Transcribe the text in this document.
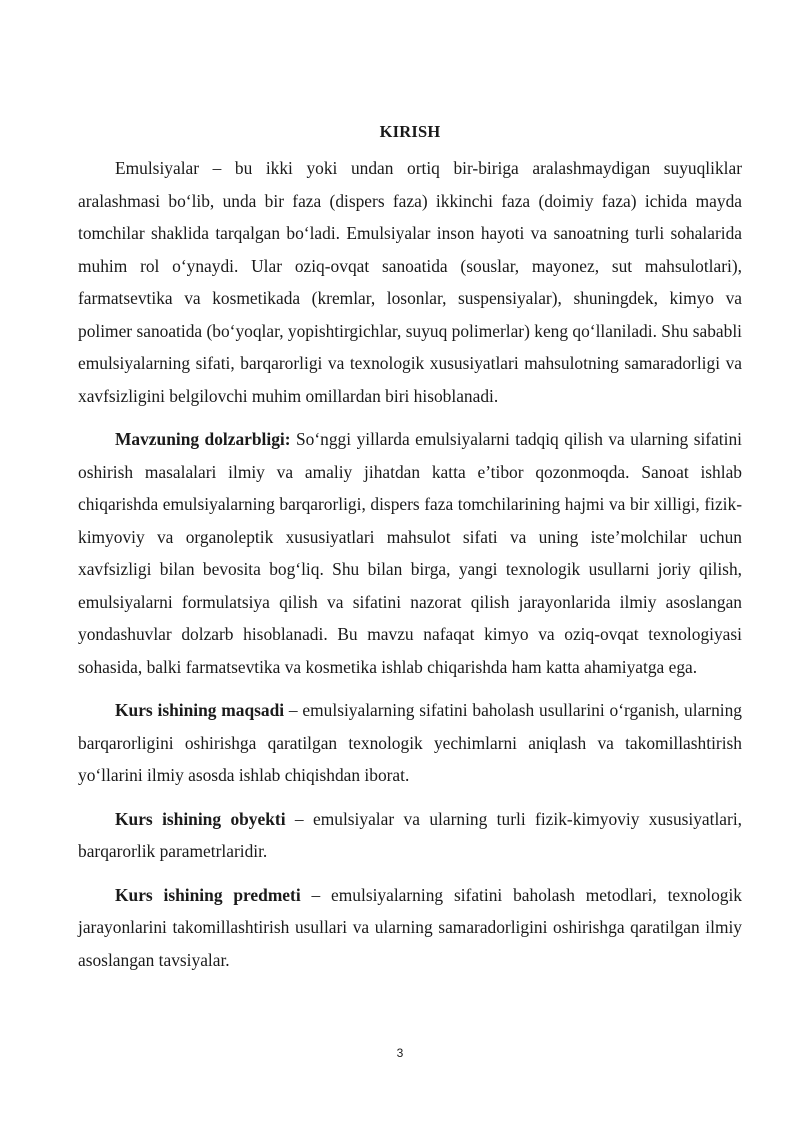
KIRISH

Emulsiyalar – bu ikki yoki undan ortiq bir-biriga aralashmaydigan suyuqliklar aralashmasi bo‘lib, unda bir faza (dispers faza) ikkinchi faza (doimiy faza) ichida mayda tomchilar shaklida tarqalgan bo‘ladi. Emulsiyalar inson hayoti va sanoatning turli sohalarida muhim rol o‘ynaydi. Ular oziq-ovqat sanoatida (souslar, mayonez, sut mahsulotlari), farmatsevtika va kosmetikada (kremlar, losonlar, suspensiyalar), shuningdek, kimyo va polimer sanoatida (bo‘yoqlar, yopishtirgichlar, suyuq polimerlar) keng qo‘llaniladi. Shu sababli emulsiyalarning sifati, barqarorligi va texnologik xususiyatlari mahsulotning samaradorligi va xavfsizligini belgilovchi muhim omillardan biri hisoblanadi.

Mavzuning dolzarbligi: So‘nggi yillarda emulsiyalarni tadqiq qilish va ularning sifatini oshirish masalalari ilmiy va amaliy jihatdan katta e’tibor qozonmoqda. Sanoat ishlab chiqarishda emulsiyalarning barqarorligi, dispers faza tomchilarining hajmi va bir xilligi, fizik-kimyoviy va organoleptik xususiyatlari mahsulot sifati va uning iste’molchilar uchun xavfsizligi bilan bevosita bog‘liq. Shu bilan birga, yangi texnologik usullarni joriy qilish, emulsiyalarni formulatsiya qilish va sifatini nazorat qilish jarayonlarida ilmiy asoslangan yondashuvlar dolzarb hisoblanadi. Bu mavzu nafaqat kimyo va oziq-ovqat texnologiyasi sohasida, balki farmatsevtika va kosmetika ishlab chiqarishda ham katta ahamiyatga ega.

Kurs ishining maqsadi – emulsiyalarning sifatini baholash usullarini o‘rganish, ularning barqarorligini oshirishga qaratilgan texnologik yechimlarni aniqlash va takomillashtirish yo‘llarini ilmiy asosda ishlab chiqishdan iborat.

Kurs ishining obyekti – emulsiyalar va ularning turli fizik-kimyoviy xususiyatlari, barqarorlik parametrlaridir.

Kurs ishining predmeti – emulsiyalarning sifatini baholash metodlari, texnologik jarayonlarini takomillashtirish usullari va ularning samaradorligini oshirishga qaratilgan ilmiy asoslangan tavsiyalar.

3
